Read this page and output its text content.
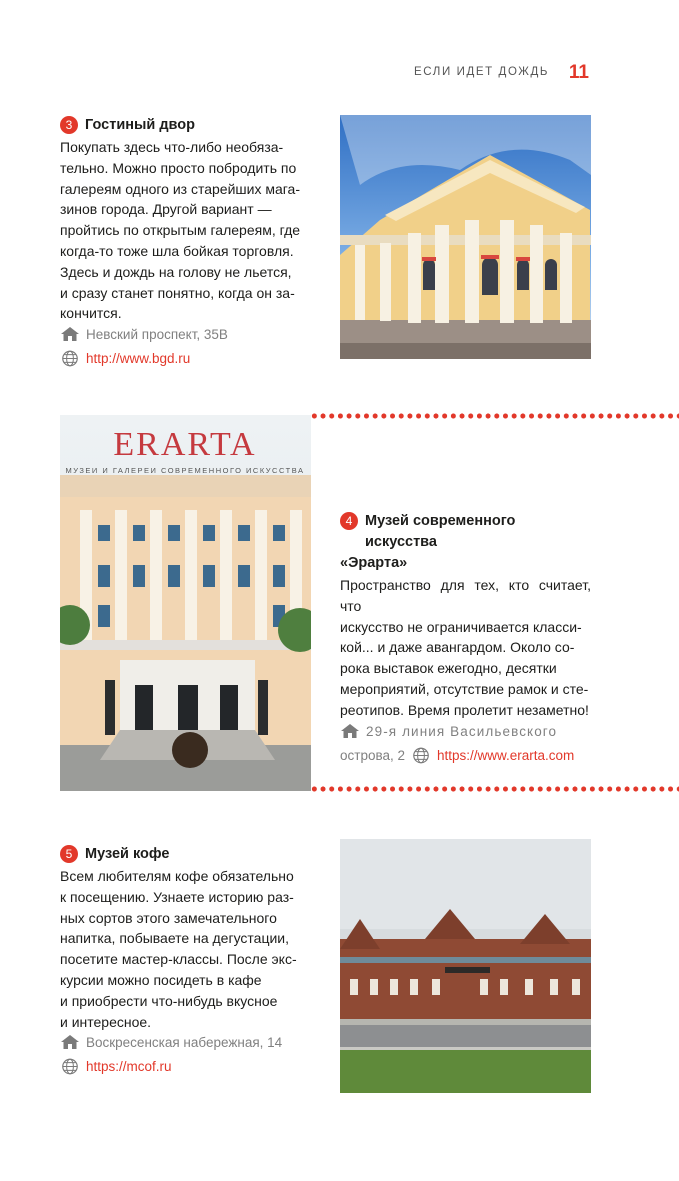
ЕСЛИ ИДЕТ ДОЖДЬ 11
3 Гостиный двор
Покупать здесь что-либо необяза-
тельно. Можно просто побродить по
галереям одного из старейших мага-
зинов города. Другой вариант —
пройтись по открытым галереям, где
когда-то тоже шла бойкая торговля.
Здесь и дождь на голову не льется,
и сразу станет понятно, когда он за-
кончится.
Невский проспект, 35В
http://www.bgd.ru
ERARTA
МУЗЕИ И ГАЛЕРЕИ СОВРЕМЕННОГО ИСКУССТВА
4 Музей современного искусства
«Эрарта»
Пространство для тех, кто считает, что
искусство не ограничивается класси-
кой... и даже авангардом. Около со-
рока выставок ежегодно, десятки
мероприятий, отсутствие рамок и сте-
реотипов. Время пролетит незаметно!
29-я линия Васильевского
острова, 2 https://www.erarta.com
5 Музей кофе
Всем любителям кофе обязательно
к посещению. Узнаете историю раз-
ных сортов этого замечательного
напитка, побываете на дегустации,
посетите мастер-классы. После экс-
курсии можно посидеть в кафе
и приобрести что-нибудь вкусное
и интересное.
Воскресенская набережная, 14
https://mcof.ru
